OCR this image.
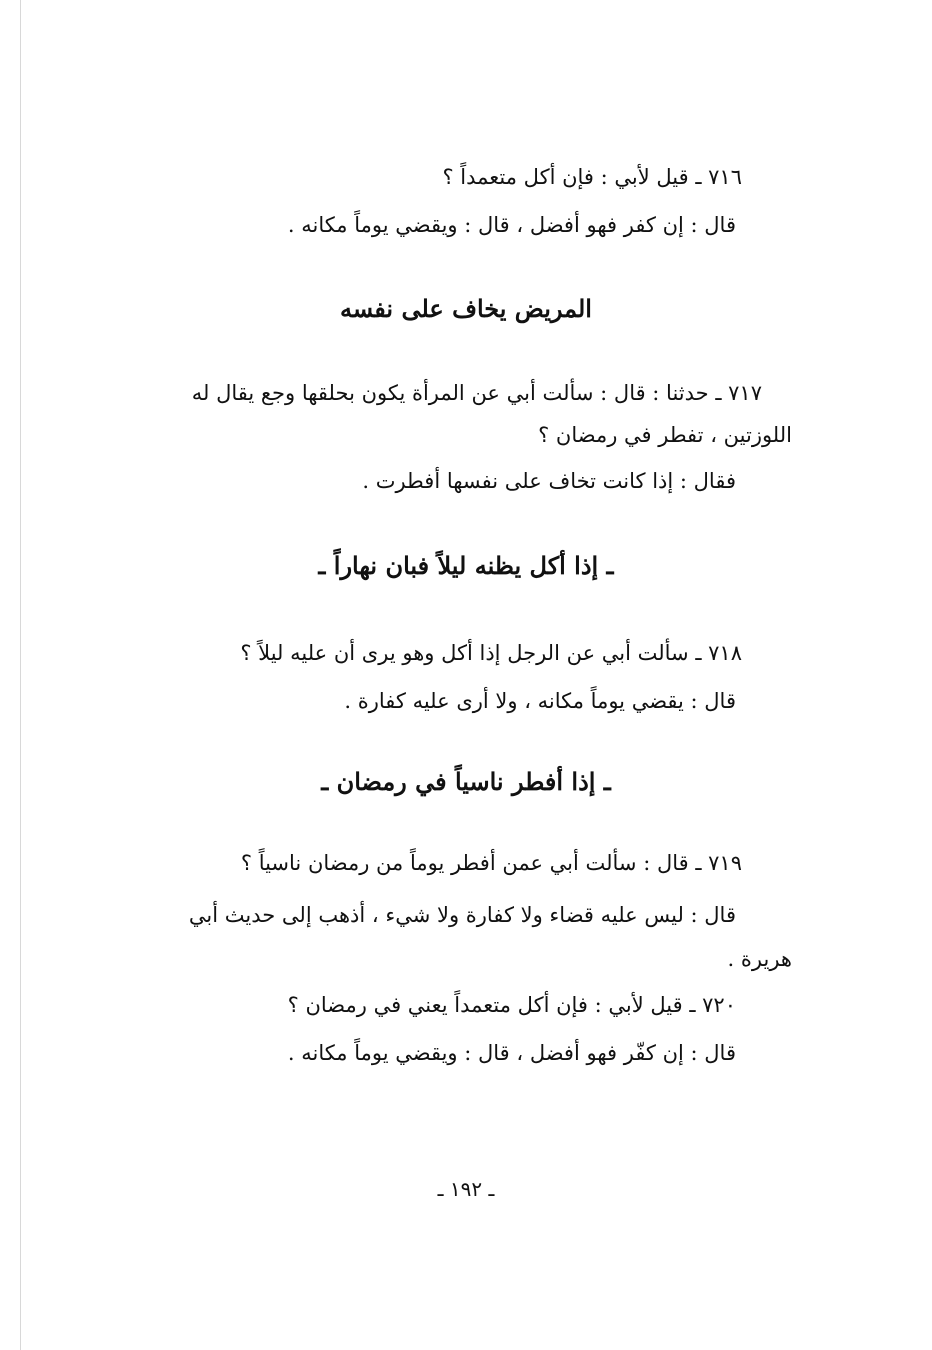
٧١٦ ـ قيل لأبي : فإن أكل متعمداً ؟
قال : إن كفر فهو أفضل ، قال : ويقضي يوماً مكانه .
المريض يخاف على نفسه
٧١٧ ـ حدثنا : قال : سألت أبي عن المرأة يكون بحلقها وجع يقال له
اللوزتين ، تفطر في رمضان ؟
فقال : إذا كانت تخاف على نفسها أفطرت .
ـ إذا أكل يظنه ليلاً فبان نهاراً ـ
٧١٨ ـ سألت أبي عن الرجل إذا أكل وهو يرى أن عليه ليلاً ؟
قال : يقضي يوماً مكانه ، ولا أرى عليه كفارة .
ـ إذا أفطر ناسياً في رمضان ـ
٧١٩ ـ قال : سألت أبي عمن أفطر يوماً من رمضان ناسياً ؟
قال : ليس عليه قضاء ولا كفارة ولا شيء ، أذهب إلى حديث أبي
هريرة .
٧٢٠ ـ قيل لأبي : فإن أكل متعمداً يعني في رمضان ؟
قال : إن كفّر فهو أفضل ، قال : ويقضي يوماً مكانه .
ـ ١٩٢ ـ
